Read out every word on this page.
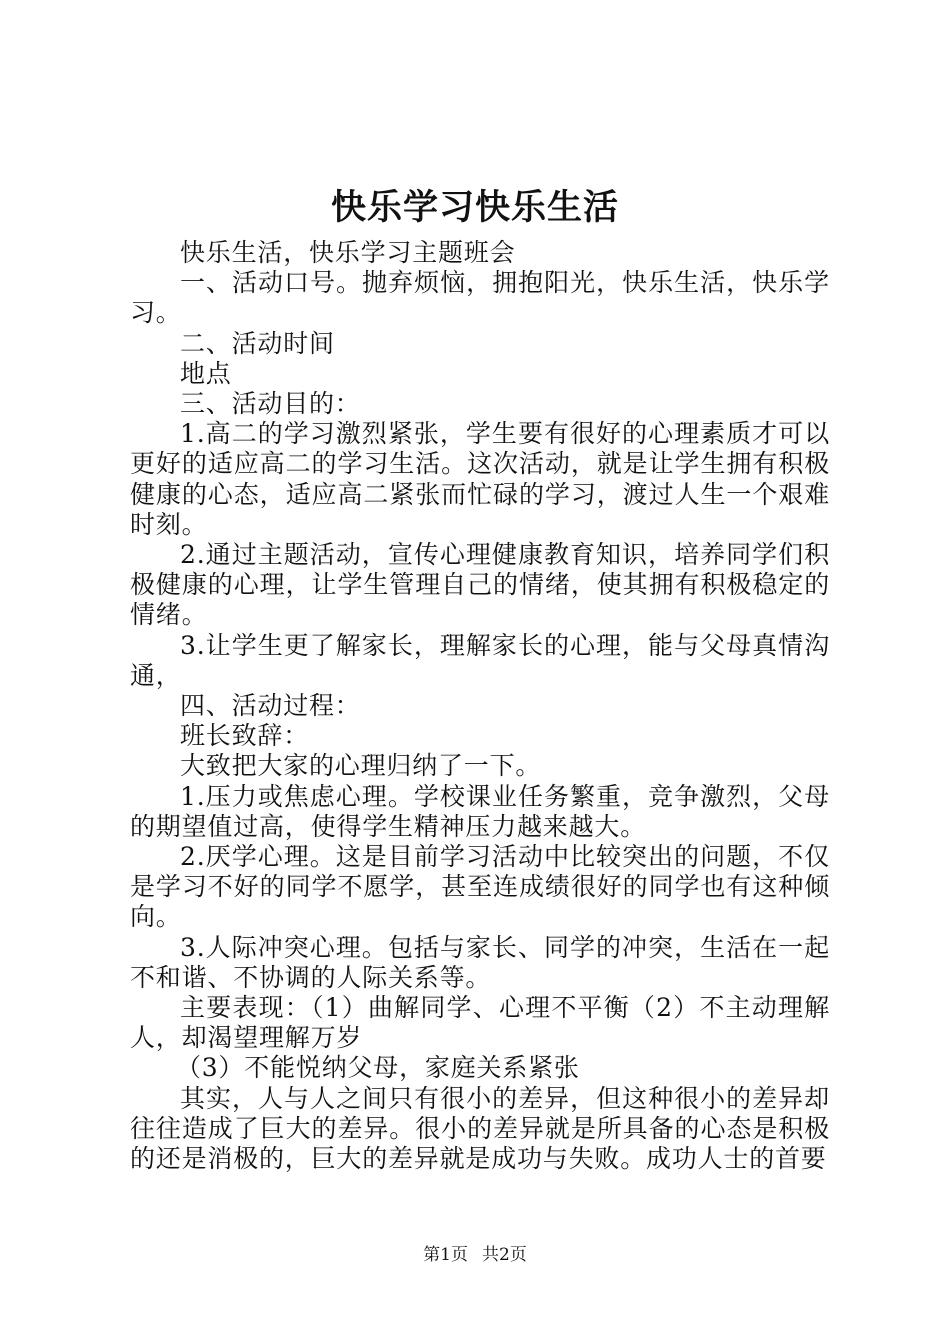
快乐学习快乐生活

快乐生活，快乐学习主题班会

一、活动口号。抛弃烦恼，拥抱阳光，快乐生活，快乐学习。

二、活动时间

地点

三、活动目的：

1.高二的学习激烈紧张，学生要有很好的心理素质才可以更好的适应高二的学习生活。这次活动，就是让学生拥有积极健康的心态，适应高二紧张而忙碌的学习，渡过人生一个艰难时刻。

2.通过主题活动，宣传心理健康教育知识，培养同学们积极健康的心理，让学生管理自己的情绪，使其拥有积极稳定的情绪。

3.让学生更了解家长，理解家长的心理，能与父母真情沟通，

四、活动过程：

班长致辞：

大致把大家的心理归纳了一下。

1.压力或焦虑心理。学校课业任务繁重，竞争激烈，父母的期望值过高，使得学生精神压力越来越大。

2.厌学心理。这是目前学习活动中比较突出的问题，不仅是学习不好的同学不愿学，甚至连成绩很好的同学也有这种倾向。

3.人际冲突心理。包括与家长、同学的冲突，生活在一起不和谐、不协调的人际关系等。

主要表现：（1）曲解同学、心理不平衡（2）不主动理解人，却渴望理解万岁

（3）不能悦纳父母，家庭关系紧张

其实，人与人之间只有很小的差异，但这种很小的差异却往往造成了巨大的差异。很小的差异就是所具备的心态是积极的还是消极的，巨大的差异就是成功与失败。成功人士的首要

第1页 共2页
